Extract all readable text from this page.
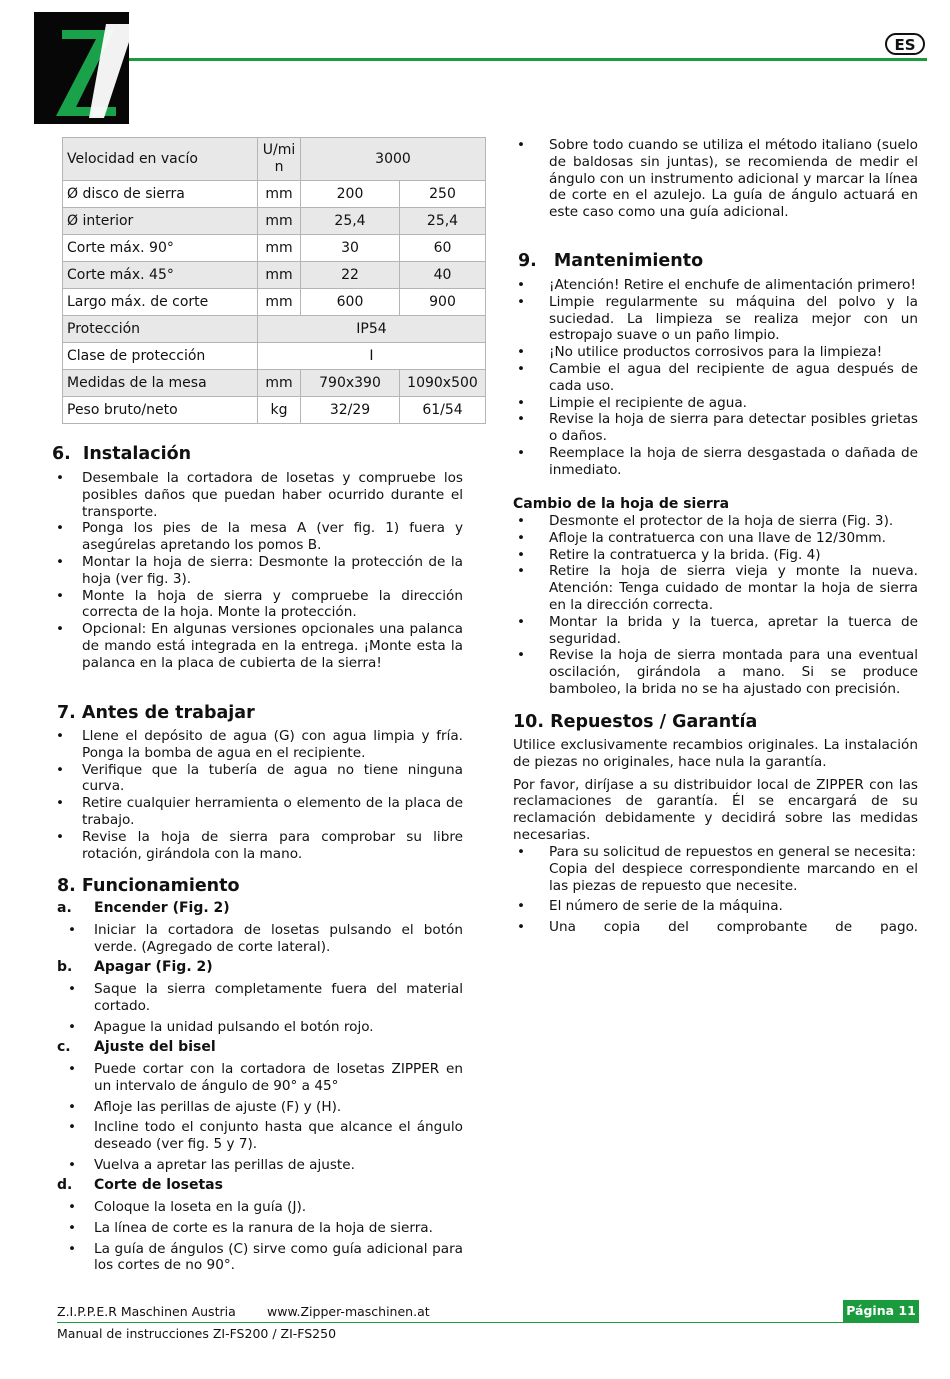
ES
Velocidad en vacío	U/mi n	3000	
Ø disco de sierra	mm	200	250
Ø interior	mm	25,4	25,4
Corte máx. 90°	mm	30	60
Corte máx. 45°	mm	22	40
Largo máx. de corte	mm	600	900
Protección	IP54		
Clase de protección	I		
Medidas de la mesa	mm	790x390	1090x500
Peso bruto/neto	kg	32/29	61/54
6. Instalación
• Desembale la cortadora de losetas y compruebe los posibles daños que puedan haber ocurrido durante el transporte.
• Ponga los pies de la mesa A (ver fig. 1) fuera y asegúrelas apretando los pomos B.
• Montar la hoja de sierra: Desmonte la protección de la hoja (ver fig. 3).
• Monte la hoja de sierra y compruebe la dirección correcta de la hoja. Monte la protección.
• Opcional: En algunas versiones opcionales una palanca de mando está integrada en la entrega. ¡Monte esta la palanca en la placa de cubierta de la sierra!
7. Antes de trabajar
• Llene el depósito de agua (G) con agua limpia y fría. Ponga la bomba de agua en el recipiente.
• Verifique que la tubería de agua no tiene ninguna curva.
• Retire cualquier herramienta o elemento de la placa de trabajo.
• Revise la hoja de sierra para comprobar su libre rotación, girándola con la mano.
8. Funcionamiento
a. Encender (Fig. 2)
• Iniciar la cortadora de losetas pulsando el botón verde. (Agregado de corte lateral).
b. Apagar (Fig. 2)
• Saque la sierra completamente fuera del material cortado.
• Apague la unidad pulsando el botón rojo.
c. Ajuste del bisel
• Puede cortar con la cortadora de losetas ZIPPER en un intervalo de ángulo de 90° a 45°
• Afloje las perillas de ajuste (F) y (H).
• Incline todo el conjunto hasta que alcance el ángulo deseado (ver fig. 5 y 7).
• Vuelva a apretar las perillas de ajuste.
d. Corte de losetas
• Coloque la loseta en la guía (J).
• La línea de corte es la ranura de la hoja de sierra.
• La guía de ángulos (C) sirve como guía adicional para los cortes de no 90°.
• Sobre todo cuando se utiliza el método italiano (suelo de baldosas sin juntas), se recomienda de medir el ángulo con un instrumento adicional y marcar la línea de corte en el azulejo. La guía de ángulo actuará en este caso como una guía adicional.
9. Mantenimiento
• ¡Atención! Retire el enchufe de alimentación primero!
• Limpie regularmente su máquina del polvo y la suciedad. La limpieza se realiza mejor con un estropajo suave o un paño limpio.
• ¡No utilice productos corrosivos para la limpieza!
• Cambie el agua del recipiente de agua después de cada uso.
• Limpie el recipiente de agua.
• Revise la hoja de sierra para detectar posibles grietas o daños.
• Reemplace la hoja de sierra desgastada o dañada de inmediato.
Cambio de la hoja de sierra
• Desmonte el protector de la hoja de sierra (Fig. 3).
• Afloje la contratuerca con una llave de 12/30mm.
• Retire la contratuerca y la brida. (Fig. 4)
• Retire la hoja de sierra vieja y monte la nueva. Atención: Tenga cuidado de montar la hoja de sierra en la dirección correcta.
• Montar la brida y la tuerca, apretar la tuerca de seguridad.
• Revise la hoja de sierra montada para una eventual oscilación, girándola a mano. Si se produce bamboleo, la brida no se ha ajustado con precisión.
10. Repuestos / Garantía

Utilice exclusivamente recambios originales. La instalación de piezas no originales, hace nula la garantía.

Por favor, diríjase a su distribuidor local de ZIPPER con las reclamaciones de garantía. Él se encargará de su reclamación debidamente y decidirá sobre las medidas necesarias.

• Para su solicitud de repuestos en general se necesita:
Copia del despiece correspondiente marcando en el las piezas de repuesto que necesite.
• El número de serie de la máquina.
• Una copia del comprobante de pago.
Z.I.P.P.E.R Maschinen Austria	www.Zipper-maschinen.at	Página 11
Manual de instrucciones ZI-FS200 / ZI-FS250
